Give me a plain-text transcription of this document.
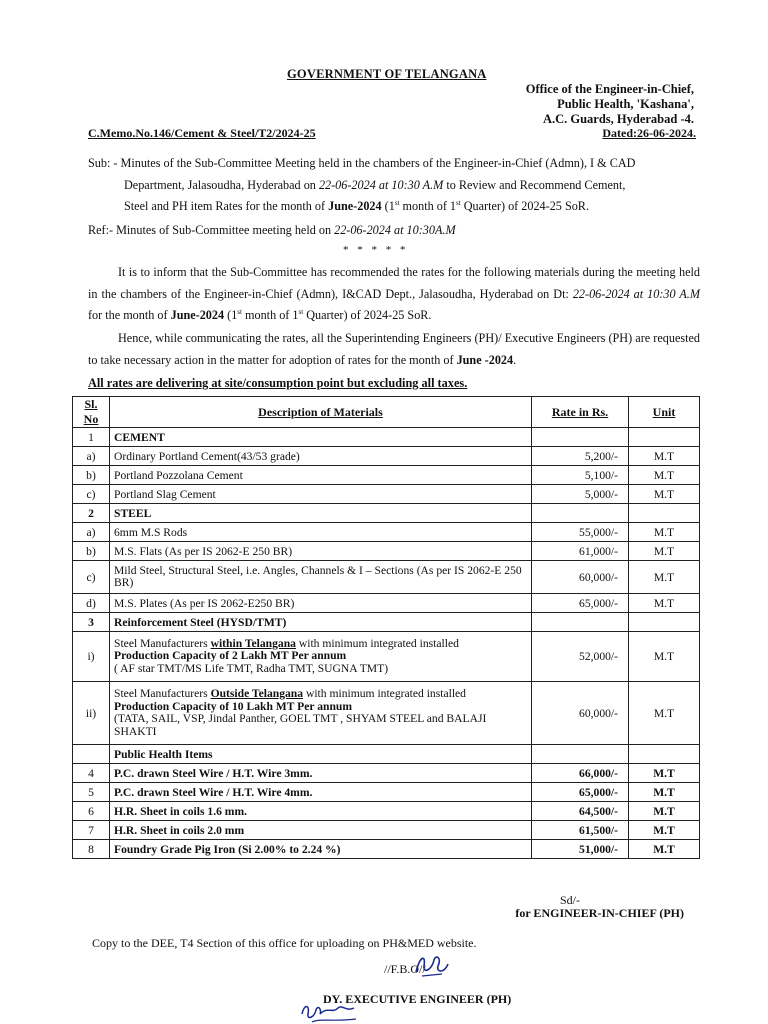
GOVERNMENT OF TELANGANA
Office of the Engineer-in-Chief,
Public Health, 'Kashana',
A.C. Guards, Hyderabad -4.
C.Memo.No.146/Cement & Steel/T2/2024-25	Dated:26-06-2024.
Sub: - Minutes of the Sub-Committee Meeting held in the chambers of the Engineer-in-Chief (Admn), I & CAD
Department, Jalasoudha, Hyderabad on 22-06-2024 at 10:30 A.M to Review and Recommend Cement,
Steel and PH item Rates for the month of June-2024 (1st month of 1st Quarter) of 2024-25 SoR.
Ref:- Minutes of Sub-Committee meeting held on 22-06-2024 at 10:30A.M
* * * * *
It is to inform that the Sub-Committee has recommended the rates for the following materials during the meeting held in the chambers of the Engineer-in-Chief (Admn), I&CAD Dept., Jalasoudha, Hyderabad on Dt: 22-06-2024 at 10:30 A.M for the month of June-2024 (1st month of 1st Quarter) of 2024-25 SoR.
Hence, while communicating the rates, all the Superintending Engineers (PH)/ Executive Engineers (PH) are requested to take necessary action in the matter for adoption of rates for the month of June -2024.
All rates are delivering at site/consumption point but excluding all taxes.
Sl.
No	Description of Materials	Rate in Rs.	Unit
1	CEMENT		
a)	Ordinary Portland Cement(43/53 grade)	5,200/-	M.T
b)	Portland Pozzolana Cement	5,100/-	M.T
c)	Portland Slag Cement	5,000/-	M.T
2	STEEL		
a)	6mm M.S Rods	55,000/-	M.T
b)	M.S. Flats (As per IS 2062-E 250 BR)	61,000/-	M.T
c)	Mild Steel, Structural Steel, i.e. Angles, Channels & I – Sections (As per IS 2062-E 250 BR)	60,000/-	M.T
d)	M.S. Plates (As per IS 2062-E250 BR)	65,000/-	M.T
3	Reinforcement Steel (HYSD/TMT)		
i)	Steel Manufacturers within Telangana with minimum integrated installed
Production Capacity of 2 Lakh MT Per annum
( AF star TMT/MS Life TMT, Radha TMT, SUGNA TMT)	52,000/-	M.T
ii)	Steel Manufacturers Outside Telangana with minimum integrated installed
Production Capacity of 10 Lakh MT Per annum
(TATA, SAIL, VSP, Jindal Panther, GOEL TMT , SHYAM STEEL and BALAJI SHAKTI	60,000/-	M.T
	Public Health Items		
4	P.C. drawn Steel Wire / H.T. Wire 3mm.	66,000/-	M.T
5	P.C. drawn Steel Wire / H.T. Wire 4mm.	65,000/-	M.T
6	H.R. Sheet in coils 1.6 mm.	64,500/-	M.T
7	H.R. Sheet in coils 2.0 mm	61,500/-	M.T
8	Foundry Grade Pig Iron (Si 2.00% to 2.24 %)	51,000/-	M.T
Sd/-
for ENGINEER-IN-CHIEF (PH)
Copy to the DEE, T4 Section of this office for uploading on PH&MED website.
//F.B.O//
DY. EXECUTIVE ENGINEER (PH)
